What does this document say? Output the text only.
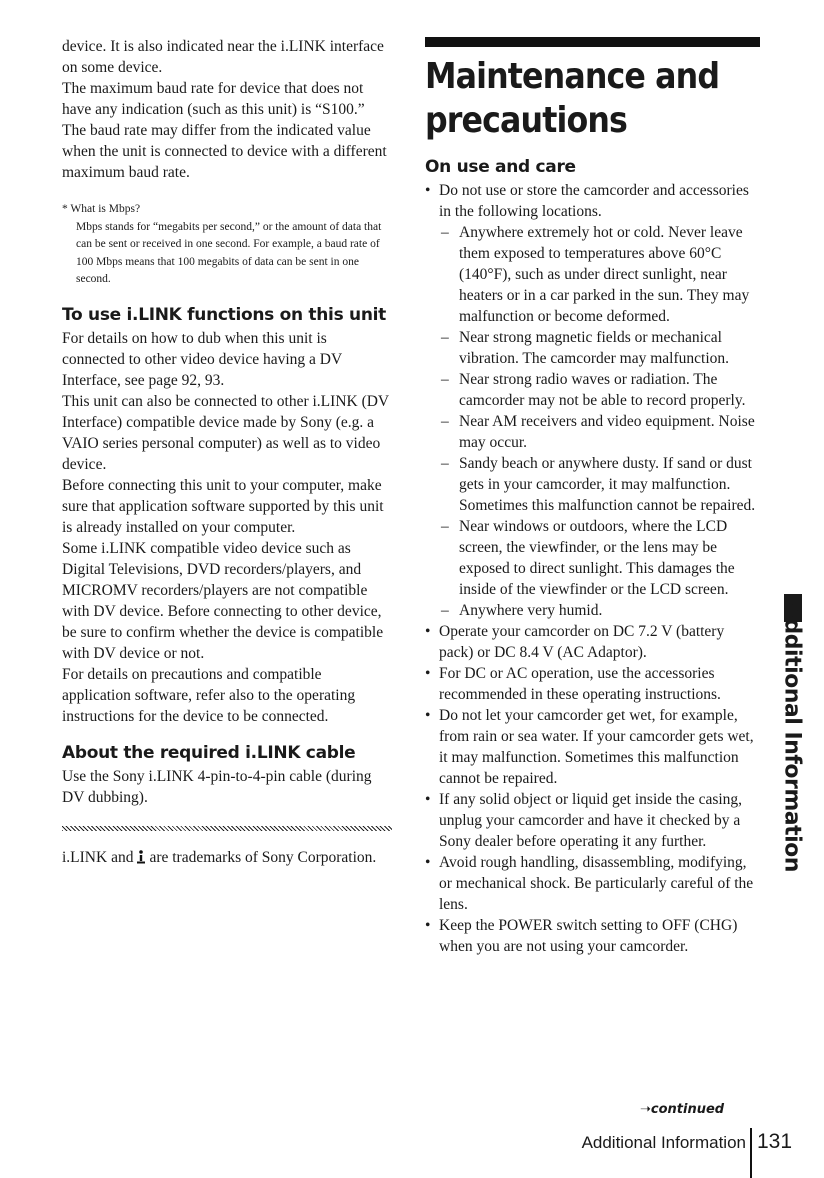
device. It is also indicated near the i.LINK interface on some device.

The maximum baud rate for device that does not have any indication (such as this unit) is “S100.”

The baud rate may differ from the indicated value when the unit is connected to device with a different maximum baud rate.

* What is Mbps?
Mbps stands for “megabits per second,” or the amount of data that can be sent or received in one second. For example, a baud rate of 100 Mbps means that 100 megabits of data can be sent in one second.
To use i.LINK functions on this unit

For details on how to dub when this unit is connected to other video device having a DV Interface, see page 92, 93.

This unit can also be connected to other i.LINK (DV Interface) compatible device made by Sony (e.g. a VAIO series personal computer) as well as to video device.

Before connecting this unit to your computer, make sure that application software supported by this unit is already installed on your computer.

Some i.LINK compatible video device such as Digital Televisions, DVD recorders/players, and MICROMV recorders/players are not compatible with DV device. Before connecting to other device, be sure to confirm whether the device is compatible with DV device or not.

For details on precautions and compatible application software, refer also to the operating instructions for the device to be connected.

About the required i.LINK cable

Use the Sony i.LINK 4-pin-to-4-pin cable (during DV dubbing).

i.LINK and are trademarks of Sony Corporation.

Maintenance and
precautions
On use and care
• Do not use or store the camcorder and accessories in the following locations.
– Anywhere extremely hot or cold. Never leave them exposed to temperatures above 60°C (140°F), such as under direct sunlight, near heaters or in a car parked in the sun. They may malfunction or become deformed.
– Near strong magnetic fields or mechanical vibration. The camcorder may malfunction.
– Near strong radio waves or radiation. The camcorder may not be able to record properly.
– Near AM receivers and video equipment. Noise may occur.
– Sandy beach or anywhere dusty. If sand or dust gets in your camcorder, it may malfunction. Sometimes this malfunction cannot be repaired.
– Near windows or outdoors, where the LCD screen, the viewfinder, or the lens may be exposed to direct sunlight. This damages the inside of the viewfinder or the LCD screen.
– Anywhere very humid.
• Operate your camcorder on DC 7.2 V (battery pack) or DC 8.4 V (AC Adaptor).
• For DC or AC operation, use the accessories recommended in these operating instructions.
• Do not let your camcorder get wet, for example, from rain or sea water. If your camcorder gets wet, it may malfunction. Sometimes this malfunction cannot be repaired.
• If any solid object or liquid get inside the casing, unplug your camcorder and have it checked by a Sony dealer before operating it any further.
• Avoid rough handling, disassembling, modifying, or mechanical shock. Be particularly careful of the lens.
• Keep the POWER switch setting to OFF (CHG) when you are not using your camcorder.
Additional Information
➝continued
Additional Information 131
